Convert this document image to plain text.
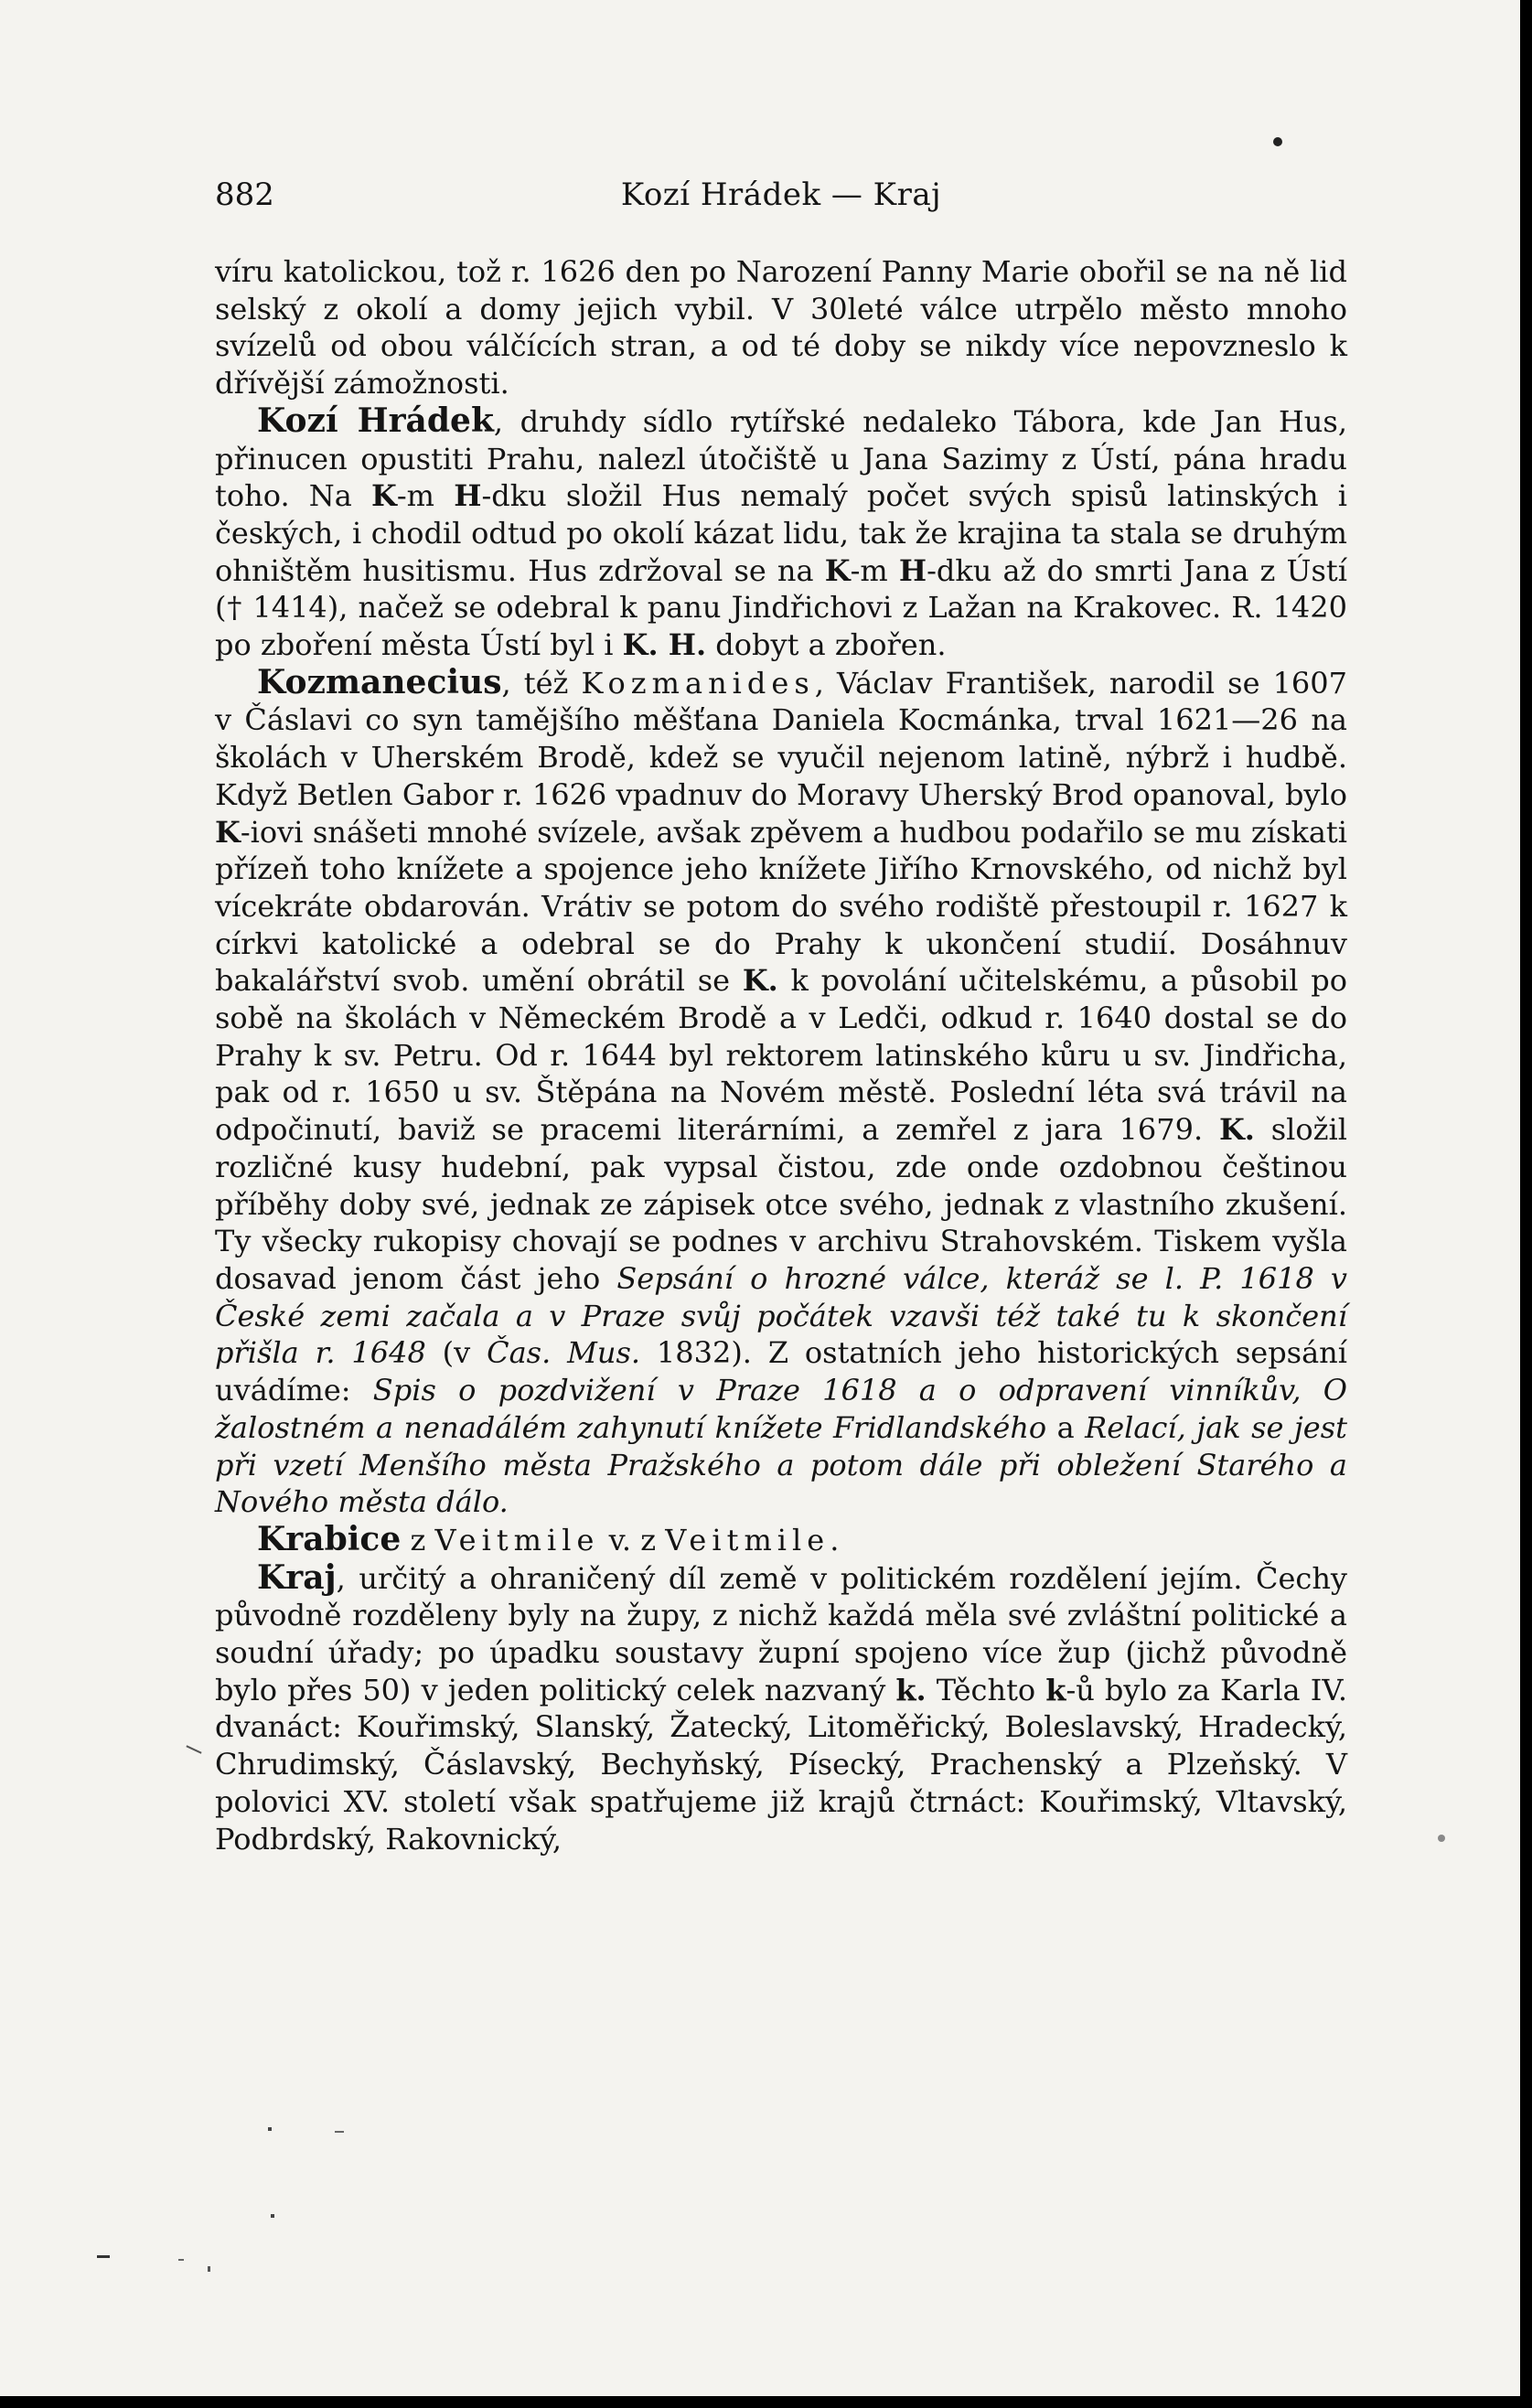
882	Kozí Hrádek — Kraj

víru katolickou, tož r. 1626 den po Narození Panny Marie obořil se na ně lid selský z okolí a domy jejich vybil. V 30leté válce utrpělo město mnoho svízelů od obou válčících stran, a od té doby se nikdy více nepovzneslo k dřívější zámožnosti.

Kozí Hrádek, druhdy sídlo rytířské nedaleko Tábora, kde Jan Hus, přinucen opustiti Prahu, nalezl útočiště u Jana Sazimy z Ústí, pána hradu toho. Na K-m H-dku složil Hus nemalý počet svých spisů latinských i českých, i chodil odtud po okolí kázat lidu, tak že krajina ta stala se druhým ohništěm husitismu. Hus zdržoval se na K-m H-dku až do smrti Jana z Ústí († 1414), načež se odebral k panu Jindřichovi z Lažan na Krakovec. R. 1420 po zboření města Ústí byl i K. H. dobyt a zbořen.

Kozmanecius, též Kozmanides, Václav František, narodil se 1607 v Čáslavi co syn tamějšího měšťana Daniela Kocmánka, trval 1621—26 na školách v Uherském Brodě, kdež se vyučil nejenom latině, nýbrž i hudbě. Když Betlen Gabor r. 1626 vpadnuv do Moravy Uherský Brod opanoval, bylo K-iovi snášeti mnohé svízele, avšak zpěvem a hudbou podařilo se mu získati přízeň toho knížete a spojence jeho knížete Jiřího Krnovského, od nichž byl vícekráte obdarován. Vrátiv se potom do svého rodiště přestoupil r. 1627 k církvi katolické a odebral se do Prahy k ukončení studií. Dosáhnuv bakalářství svob. umění obrátil se K. k povolání učitelskému, a působil po sobě na školách v Německém Brodě a v Ledči, odkud r. 1640 dostal se do Prahy k sv. Petru. Od r. 1644 byl rektorem latinského kůru u sv. Jindřicha, pak od r. 1650 u sv. Štěpána na Novém městě. Poslední léta svá trávil na odpočinutí, baviž se pracemi literárními, a zemřel z jara 1679. K. složil rozličné kusy hudební, pak vypsal čistou, zde onde ozdobnou češtinou příběhy doby své, jednak ze zápisek otce svého, jednak z vlastního zkušení. Ty všecky rukopisy chovají se podnes v archivu Strahovském. Tiskem vyšla dosavad jenom část jeho Sepsání o hrozné válce, kteráž se l. P. 1618 v České zemi začala a v Praze svůj počátek vzavši též také tu k skončení přišla r. 1648 (v Čas. Mus. 1832). Z ostatních jeho historických sepsání uvádíme: Spis o pozdvižení v Praze 1618 a o odpravení vinníkův, O žalostném a nenadálém zahynutí knížete Fridlandského a Relací, jak se jest při vzetí Menšího města Pražského a potom dále při obležení Starého a Nového města dálo.

Krabice z Veitmile v. z Veitmile.

Kraj, určitý a ohraničený díl země v politickém rozdělení jejím. Čechy původně rozděleny byly na župy, z nichž každá měla své zvláštní politické a soudní úřady; po úpadku soustavy župní spojeno více žup (jichž původně bylo přes 50) v jeden politický celek nazvaný k. Těchto k-ů bylo za Karla IV. dvanáct: Kouřimský, Slanský, Žatecký, Litoměřický, Boleslavský, Hradecký, Chrudimský, Čáslavský, Bechyňský, Písecký, Prachenský a Plzeňský. V polovici XV. století však spatřujeme již krajů čtrnáct: Kouřimský, Vltavský, Podbrdský, Rakovnický,
